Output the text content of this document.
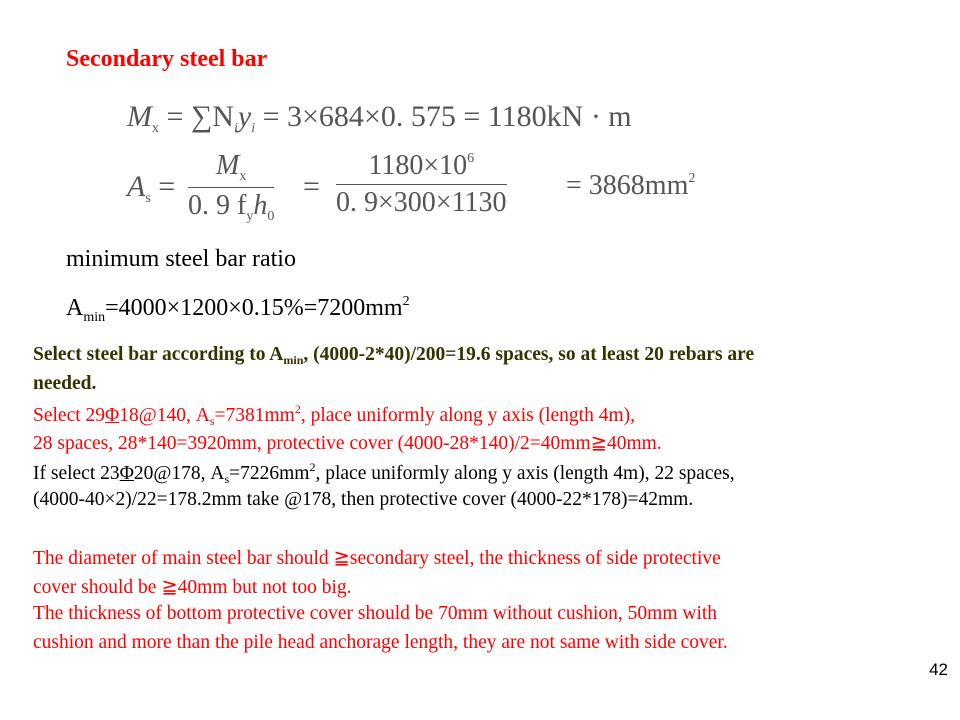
Secondary steel bar
$M_x = \sum N_iy_i = 3\times 684\times 0$. 575 = 1180kN · m
$A_s$ =
$M_x$
0. 9 $f_yh_0$
= $\frac{1180\times 10^6}{0. 9\times 300\times 1130} = 3868mm^2$
minimum steel bar ratio
$A_{min}=4000\times 1200\times 0.15\%=7200mm^2$
Select steel bar according to $A_{min}$, (4000-2*40)/200=19.6 spaces, so at least 20 rebars are
needed.
Select 29Φ18@140, $A_s=7381mm^2$, place uniformly along y axis (length 4m),
28 spaces, 28*140=3920mm, protective cover (4000-28*140)/2=40mm≧40mm.
If select 23Φ20@178, $A_s=7226mm^2$, place uniformly along y axis (length 4m), 22 spaces,
(4000-40×2)/22=178.2mm take @178, then protective cover (4000-22*178)=42mm.
The diameter of main steel bar should ≧secondary steel, the thickness of side protective
cover should be ≧40mm but not too big.
The thickness of bottom protective cover should be 70mm without cushion, 50mm with
cushion and more than the pile head anchorage length, they are not same with side cover.
42
